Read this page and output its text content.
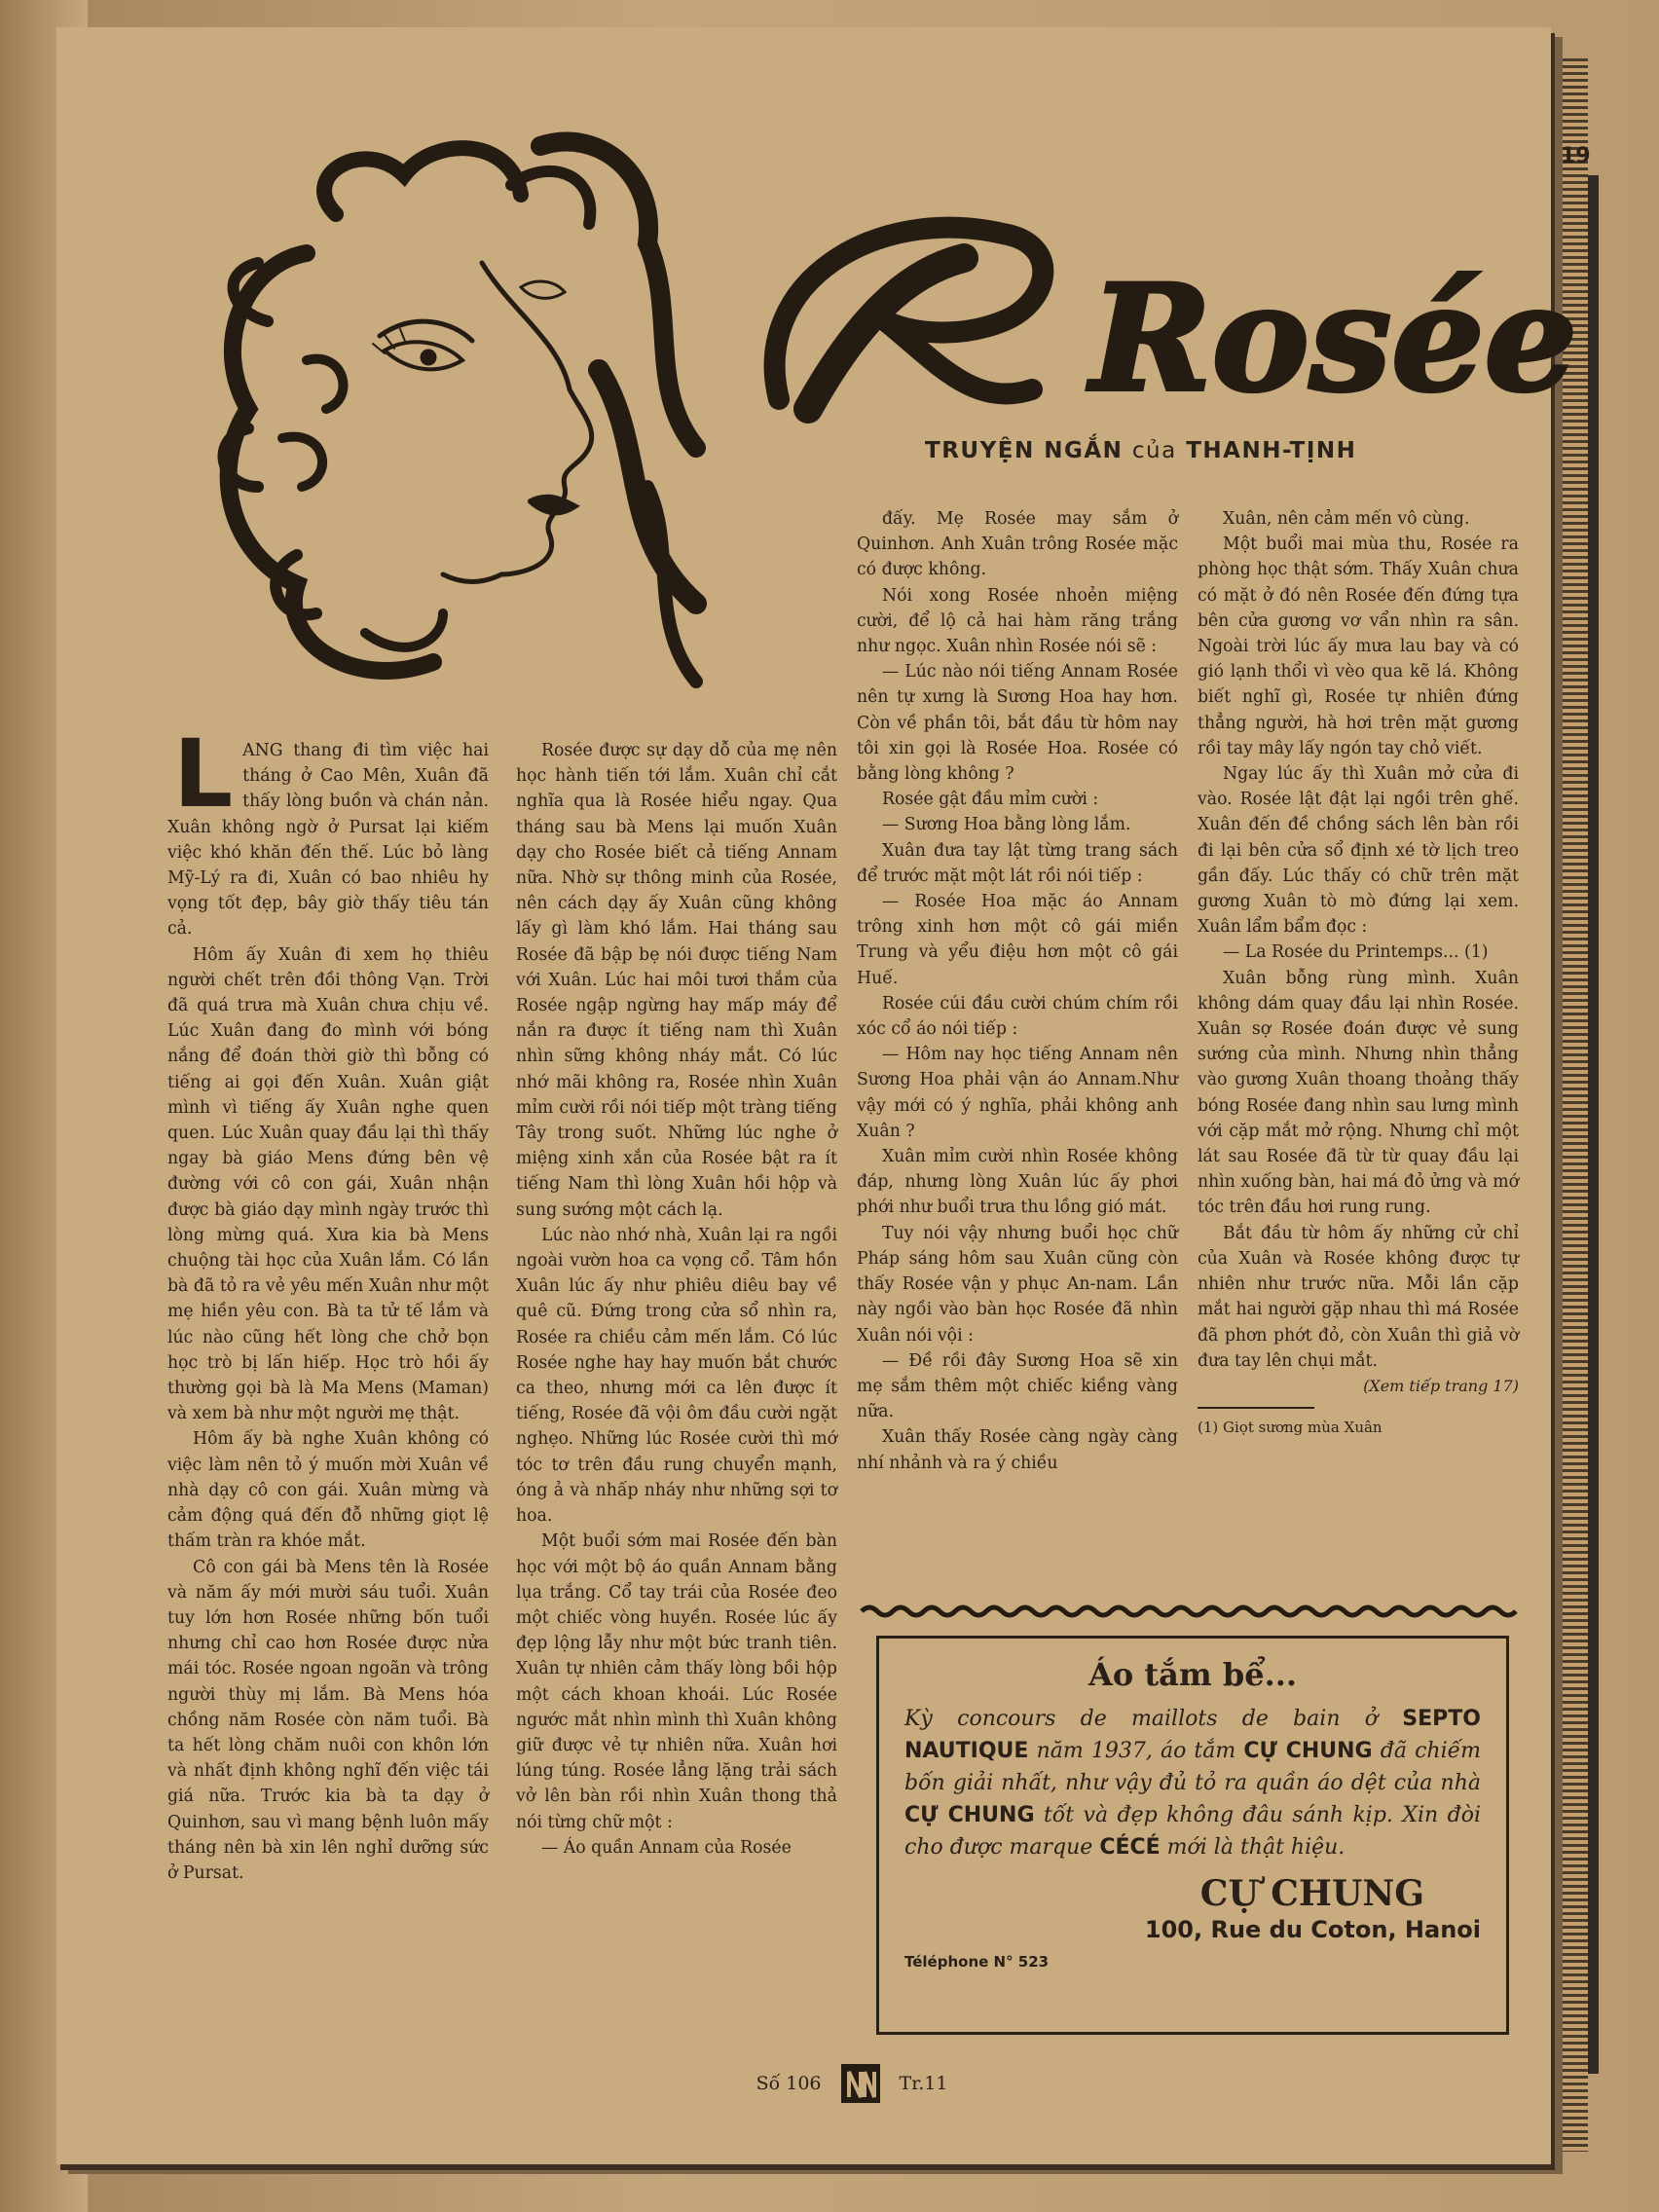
19
Rosée
TRUYỆN NGẮN của THANH-TỊNH
L ANG thang đi tìm việc hai tháng ở Cao Mên, Xuân đã thấy lòng buồn và chán nản. Xuân không ngờ ở Pursat lại kiếm việc khó khăn đến thế. Lúc bỏ làng Mỹ-Lý ra đi, Xuân có bao nhiêu hy vọng tốt đẹp, bây giờ thấy tiêu tán cả.

Hôm ấy Xuân đi xem họ thiêu người chết trên đồi thông Vạn. Trời đã quá trưa mà Xuân chưa chịu về. Lúc Xuân đang đo mình với bóng nắng để đoán thời giờ thì bỗng có tiếng ai gọi đến Xuân. Xuân giật mình vì tiếng ấy Xuân nghe quen quen. Lúc Xuân quay đầu lại thì thấy ngay bà giáo Mens đứng bên vệ đường với cô con gái, Xuân nhận được bà giáo dạy mình ngày trước thì lòng mừng quá. Xưa kia bà Mens chuộng tài học của Xuân lắm. Có lần bà đã tỏ ra vẻ yêu mến Xuân như một mẹ hiền yêu con. Bà ta tử tế lắm và lúc nào cũng hết lòng che chở bọn học trò bị lấn hiếp. Học trò hồi ấy thường gọi bà là Ma Mens (Maman) và xem bà như một người mẹ thật.

Hôm ấy bà nghe Xuân không có việc làm nên tỏ ý muốn mời Xuân về nhà dạy cô con gái. Xuân mừng và cảm động quá đến đỗ những giọt lệ thấm tràn ra khóe mắt.

Cô con gái bà Mens tên là Rosée và năm ấy mới mười sáu tuổi. Xuân tuy lớn hơn Rosée những bốn tuổi nhưng chỉ cao hơn Rosée được nửa mái tóc. Rosée ngoan ngoãn và trông người thùy mị lắm. Bà Mens hóa chồng năm Rosée còn năm tuổi. Bà ta hết lòng chăm nuôi con khôn lớn và nhất định không nghĩ đến việc tái giá nữa. Trước kia bà ta dạy ở Quinhơn, sau vì mang bệnh luôn mấy tháng nên bà xin lên nghỉ dưỡng sức ở Pursat.

Rosée được sự dạy dỗ của mẹ nên học hành tiến tới lắm. Xuân chỉ cắt nghĩa qua là Rosée hiểu ngay. Qua tháng sau bà Mens lại muốn Xuân dạy cho Rosée biết cả tiếng Annam nữa. Nhờ sự thông minh của Rosée, nên cách dạy ấy Xuân cũng không lấy gì làm khó lắm. Hai tháng sau Rosée đã bập bẹ nói được tiếng Nam với Xuân. Lúc hai môi tươi thắm của Rosée ngập ngừng hay mấp máy để nắn ra được ít tiếng nam thì Xuân nhìn sững không nháy mắt. Có lúc nhớ mãi không ra, Rosée nhìn Xuân mỉm cười rồi nói tiếp một tràng tiếng Tây trong suốt. Những lúc nghe ở miệng xinh xắn của Rosée bật ra ít tiếng Nam thì lòng Xuân hồi hộp và sung sướng một cách lạ.

Lúc nào nhớ nhà, Xuân lại ra ngồi ngoài vườn hoa ca vọng cổ. Tâm hồn Xuân lúc ấy như phiêu diêu bay về quê cũ. Đứng trong cửa sổ nhìn ra, Rosée ra chiều cảm mến lắm. Có lúc Rosée nghe hay hay muốn bắt chước ca theo, nhưng mới ca lên được ít tiếng, Rosée đã vội ôm đầu cười ngặt nghẹo. Những lúc Rosée cười thì mớ tóc tơ trên đầu rung chuyển mạnh, óng ả và nhấp nháy như những sợi tơ hoa.

Một buổi sớm mai Rosée đến bàn học với một bộ áo quần Annam bằng lụa trắng. Cổ tay trái của Rosée đeo một chiếc vòng huyền. Rosée lúc ấy đẹp lộng lẫy như một bức tranh tiên. Xuân tự nhiên cảm thấy lòng bồi hộp một cách khoan khoái. Lúc Rosée ngước mắt nhìn mình thì Xuân không giữ được vẻ tự nhiên nữa. Xuân hơi lúng túng. Rosée lẳng lặng trải sách vở lên bàn rồi nhìn Xuân thong thả nói từng chữ một :

— Áo quần Annam của Rosée

đấy. Mẹ Rosée may sắm ở Quinhơn. Anh Xuân trông Rosée mặc có được không.

Nói xong Rosée nhoẻn miệng cười, để lộ cả hai hàm răng trắng như ngọc. Xuân nhìn Rosée nói sẽ :

— Lúc nào nói tiếng Annam Rosée nên tự xưng là Sương Hoa hay hơn. Còn về phần tôi, bắt đầu từ hôm nay tôi xin gọi là Rosée Hoa. Rosée có bằng lòng không ?

Rosée gật đầu mỉm cười :

— Sương Hoa bằng lòng lắm.

Xuân đưa tay lật từng trang sách để trước mặt một lát rồi nói tiếp :

— Rosée Hoa mặc áo Annam trông xinh hơn một cô gái miền Trung và yểu điệu hơn một cô gái Huế.

Rosée cúi đầu cười chúm chím rồi xóc cổ áo nói tiếp :

— Hôm nay học tiếng Annam nên Sương Hoa phải vận áo Annam.Như vậy mới có ý nghĩa, phải không anh Xuân ?

Xuân mỉm cười nhìn Rosée không đáp, nhưng lòng Xuân lúc ấy phơi phới như buổi trưa thu lồng gió mát.

Tuy nói vậy nhưng buổi học chữ Pháp sáng hôm sau Xuân cũng còn thấy Rosée vận y phục An-nam. Lần này ngồi vào bàn học Rosée đã nhìn Xuân nói vội :

— Đề rồi đây Sương Hoa sẽ xin mẹ sắm thêm một chiếc kiềng vàng nữa.

Xuân thấy Rosée càng ngày càng nhí nhảnh và ra ý chiều

Xuân, nên cảm mến vô cùng.

Một buổi mai mùa thu, Rosée ra phòng học thật sớm. Thấy Xuân chưa có mặt ở đó nên Rosée đến đứng tựa bên cửa gương vơ vẩn nhìn ra sân. Ngoài trời lúc ấy mưa lau bay và có gió lạnh thổi vì vèo qua kẽ lá. Không biết nghĩ gì, Rosée tự nhiên đứng thẳng người, hà hơi trên mặt gương rồi tay mây lấy ngón tay chỏ viết.

Ngay lúc ấy thì Xuân mở cửa đi vào. Rosée lật đật lại ngồi trên ghế. Xuân đến đề chồng sách lên bàn rồi đi lại bên cửa sổ định xé tờ lịch treo gần đấy. Lúc thấy có chữ trên mặt gương Xuân tò mò đứng lại xem. Xuân lẩm bẩm đọc :

— La Rosée du Printemps... (1)

Xuân bỗng rùng mình. Xuân không dám quay đầu lại nhìn Rosée. Xuân sợ Rosée đoán được vẻ sung sướng của mình. Nhưng nhìn thẳng vào gương Xuân thoang thoảng thấy bóng Rosée đang nhìn sau lưng mình với cặp mắt mở rộng. Nhưng chỉ một lát sau Rosée đã từ từ quay đầu lại nhìn xuống bàn, hai má đỏ ửng và mớ tóc trên đầu hơi rung rung.

Bắt đầu từ hôm ấy những cử chỉ của Xuân và Rosée không được tự nhiên như trước nữa. Mỗi lần cặp mắt hai người gặp nhau thì má Rosée đã phơn phớt đỏ, còn Xuân thì giả vờ đưa tay lên chụi mắt.

(Xem tiếp trang 17)

(1) Giọt sương mùa Xuân

Áo tắm bể...
Kỳ concours de maillots de bain ở SEPTO NAUTIQUE năm 1937, áo tắm CỰ CHUNG đã chiếm bốn giải nhất, như vậy đủ tỏ ra quần áo dệt của nhà CỰ CHUNG tốt và đẹp không đâu sánh kịp. Xin đòi cho được marque CÉCÉ mới là thật hiệu.
CỰ CHUNG
100, Rue du Coton, Hanoi
Téléphone N° 523
Số 106	Tr.11
